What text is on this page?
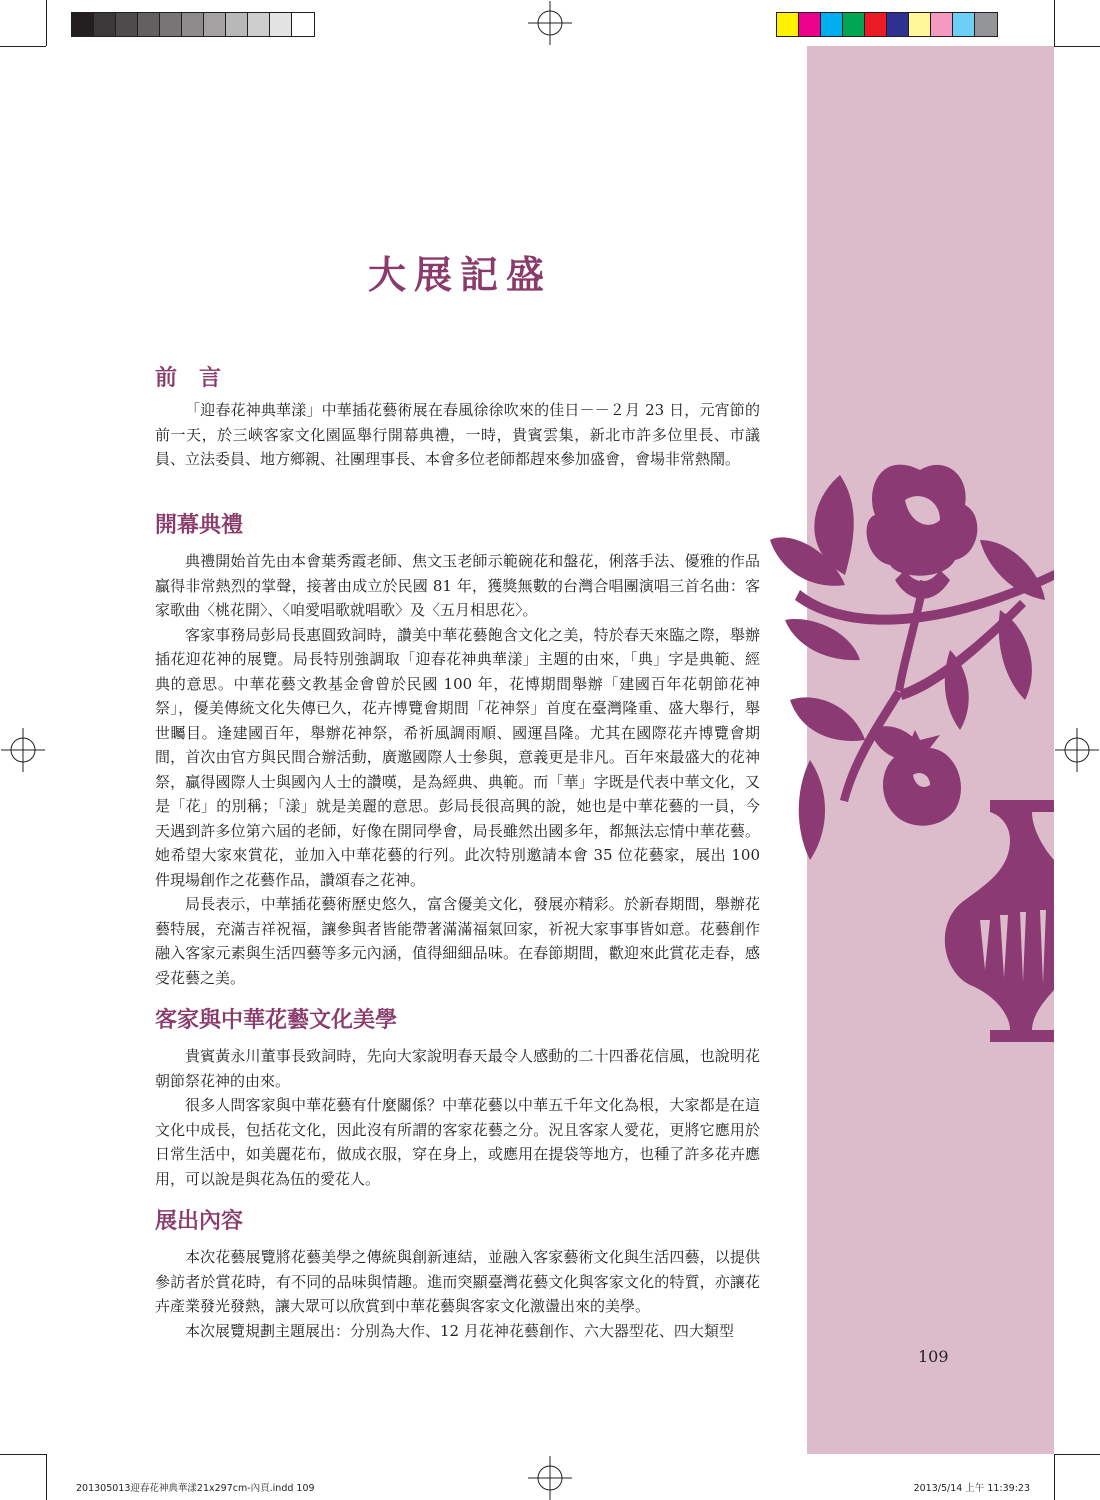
大展記盛
前　言
「迎春花神典華漾」中華插花藝術展在春風徐徐吹來的佳日－－２月 23 日，元宵節的前一天，於三峽客家文化園區舉行開幕典禮，一時，貴賓雲集，新北市許多位里長、市議員、立法委員、地方鄉親、社團理事長、本會多位老師都趕來參加盛會，會場非常熱鬧。
開幕典禮
典禮開始首先由本會葉秀霞老師、焦文玉老師示範碗花和盤花，俐落手法、優雅的作品贏得非常熱烈的掌聲，接著由成立於民國 81 年，獲獎無數的台灣合唱團演唱三首名曲：客家歌曲〈桃花開〉、〈咱愛唱歌就唱歌〉及〈五月相思花〉。
客家事務局彭局長惠圓致詞時，讚美中華花藝飽含文化之美，特於春天來臨之際，舉辦插花迎花神的展覽。局長特別強調取「迎春花神典華漾」主題的由來，「典」字是典範、經典的意思。中華花藝文教基金會曾於民國 100 年，花博期間舉辦「建國百年花朝節花神祭」，優美傳統文化失傳已久，花卉博覽會期間「花神祭」首度在臺灣隆重、盛大舉行，舉世矚目。逢建國百年，舉辦花神祭，希祈風調雨順、國運昌隆。尤其在國際花卉博覽會期間，首次由官方與民間合辦活動，廣邀國際人士參與，意義更是非凡。百年來最盛大的花神祭，贏得國際人士與國內人士的讚嘆，是為經典、典範。而「華」字既是代表中華文化，又是「花」的別稱；「漾」就是美麗的意思。彭局長很高興的說，她也是中華花藝的一員，今天遇到許多位第六屆的老師，好像在開同學會，局長雖然出國多年，都無法忘情中華花藝。她希望大家來賞花，並加入中華花藝的行列。此次特別邀請本會 35 位花藝家，展出 100 件現場創作之花藝作品，讚頌春之花神。
局長表示，中華插花藝術歷史悠久，富含優美文化，發展亦精彩。於新春期間，舉辦花藝特展，充滿吉祥祝福，讓參與者皆能帶著滿滿福氣回家，祈祝大家事事皆如意。花藝創作融入客家元素與生活四藝等多元內涵，值得細細品味。在春節期間，歡迎來此賞花走春，感受花藝之美。
客家與中華花藝文化美學
貴賓黃永川董事長致詞時，先向大家說明春天最令人感動的二十四番花信風，也說明花朝節祭花神的由來。
很多人問客家與中華花藝有什麼關係？中華花藝以中華五千年文化為根，大家都是在這文化中成長，包括花文化，因此沒有所謂的客家花藝之分。況且客家人愛花，更將它應用於日常生活中，如美麗花布，做成衣服，穿在身上，或應用在提袋等地方，也種了許多花卉應用，可以說是與花為伍的愛花人。
展出內容
本次花藝展覽將花藝美學之傳統與創新連結，並融入客家藝術文化與生活四藝，以提供參訪者於賞花時，有不同的品味與情趣。進而突顯臺灣花藝文化與客家文化的特質，亦讓花卉產業發光發熱，讓大眾可以欣賞到中華花藝與客家文化激盪出來的美學。
本次展覽規劃主題展出：分別為大作、12 月花神花藝創作、六大器型花、四大類型
109
201305013迎春花神典華漾21x297cm-內頁.indd 109	2013/5/14 上午 11:39:23
